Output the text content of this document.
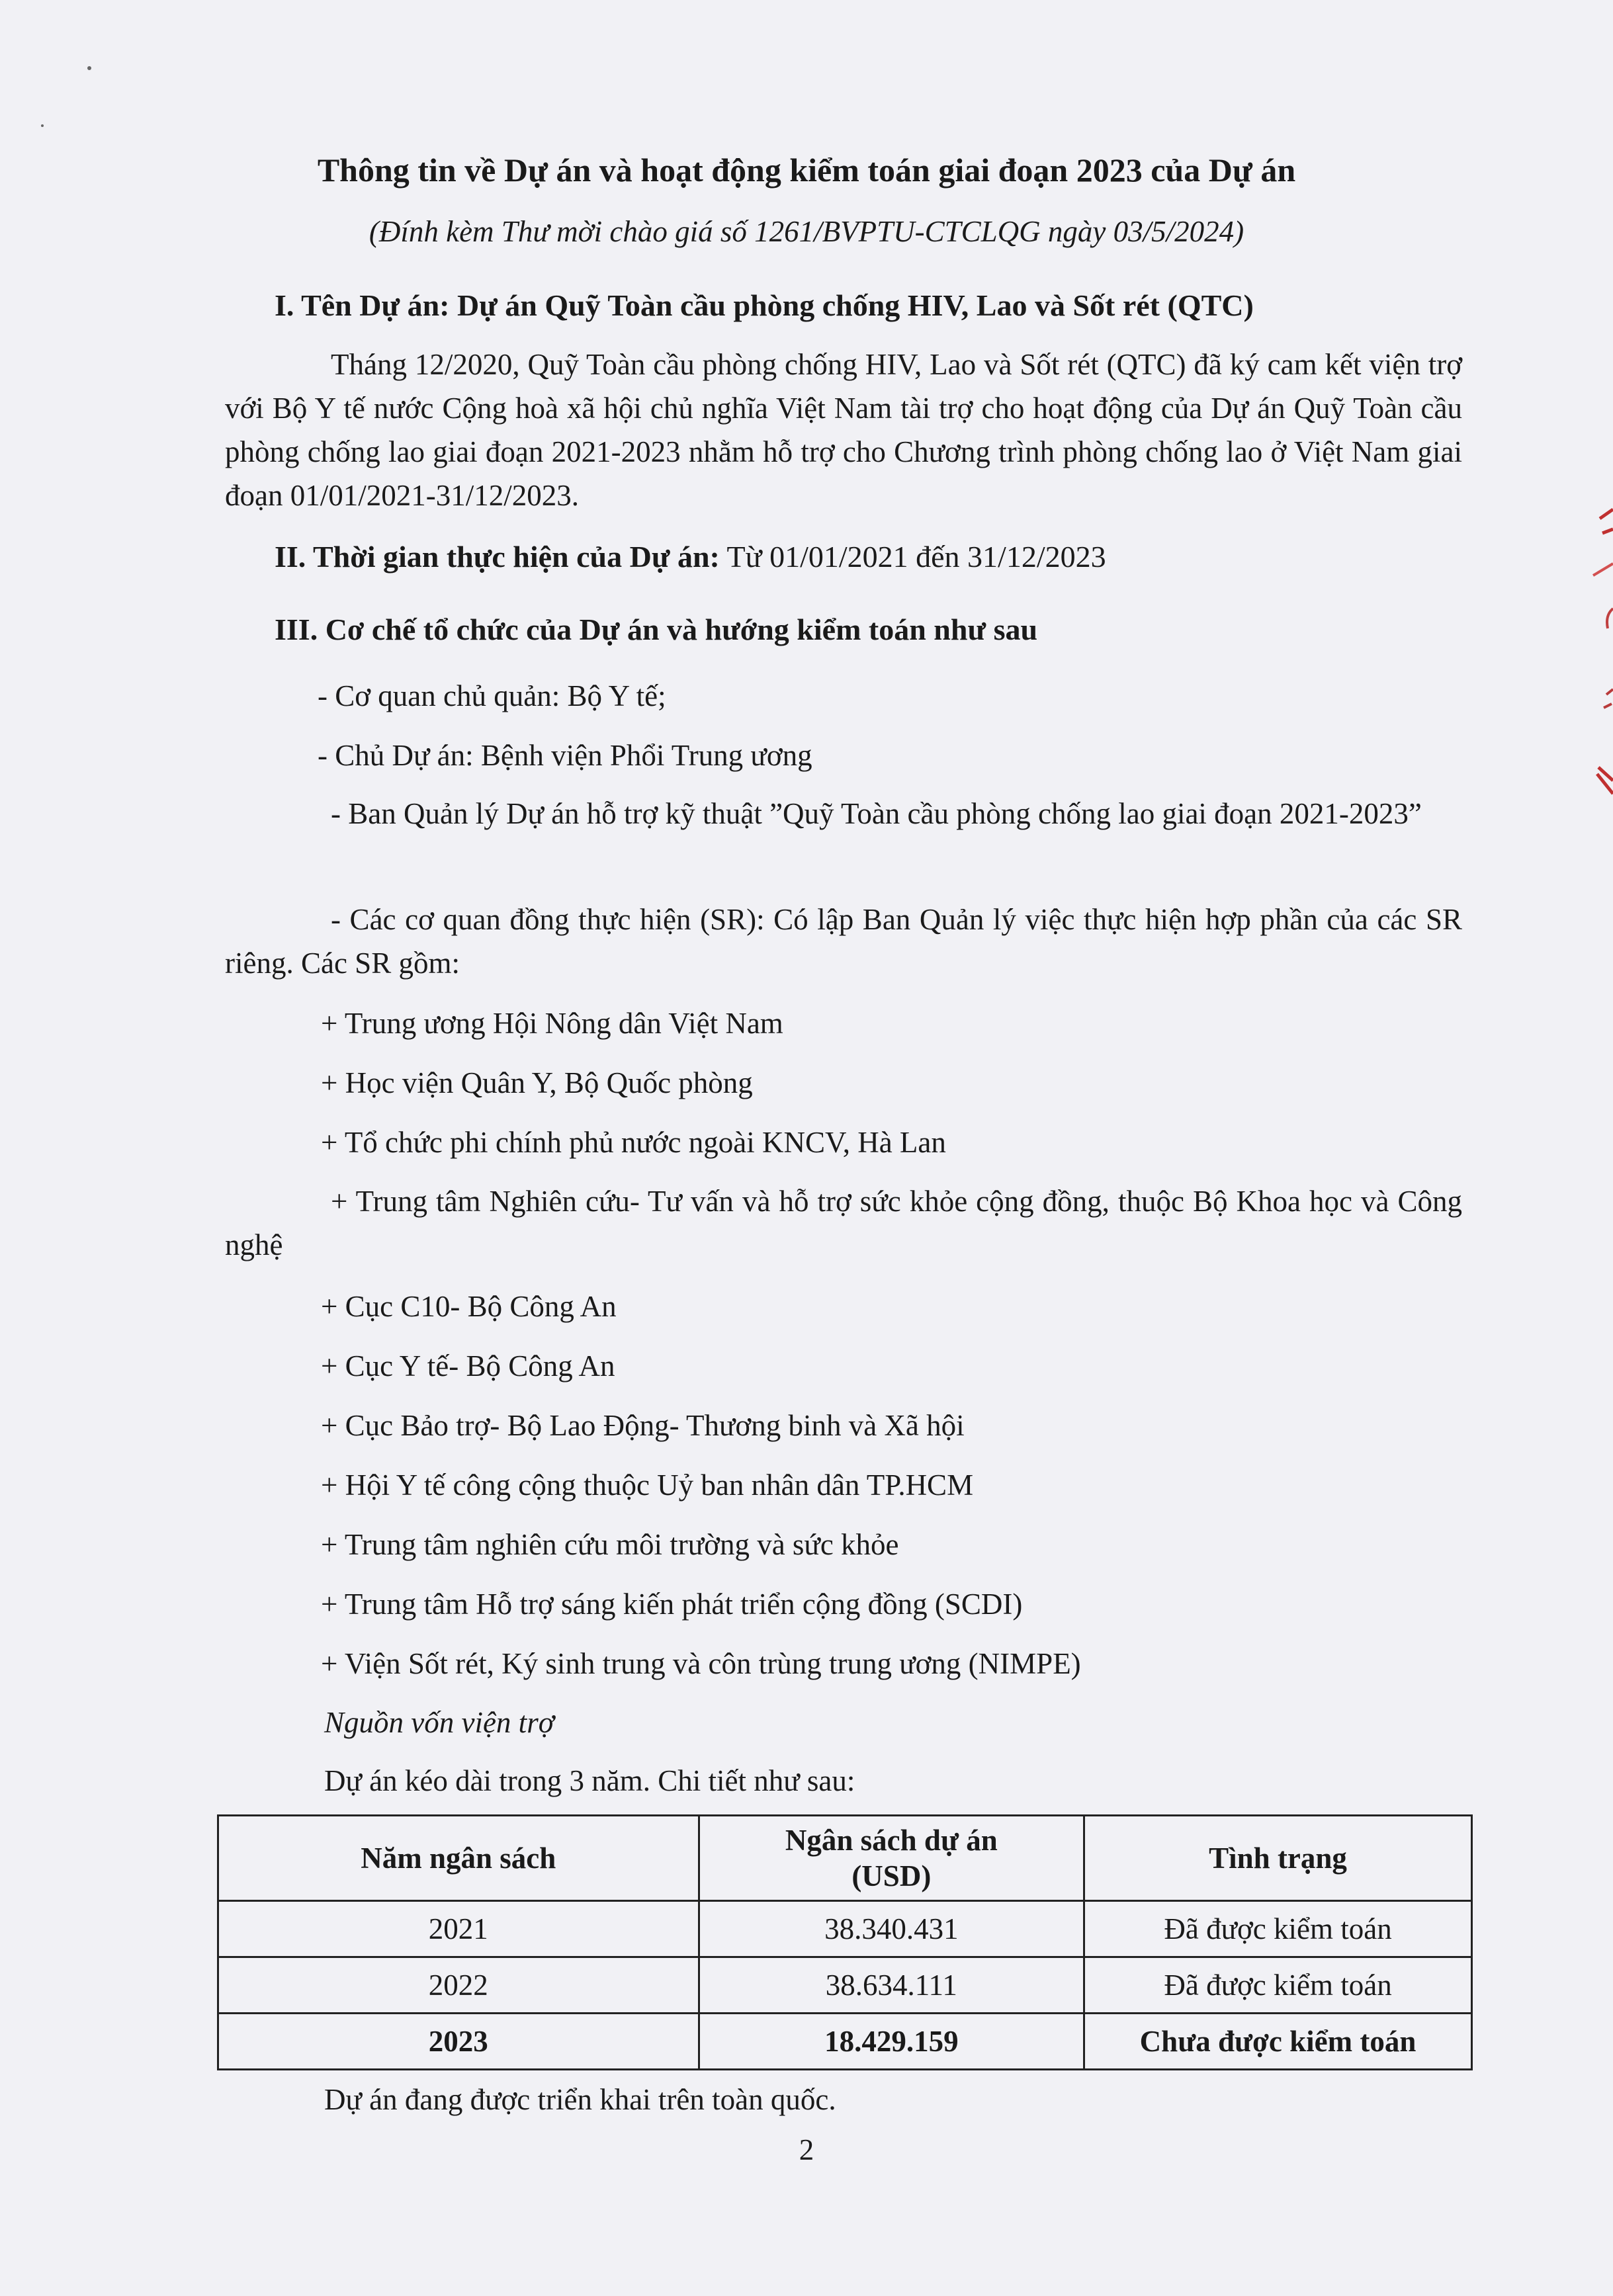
Thông tin về Dự án và hoạt động kiểm toán giai đoạn 2023 của Dự án
(Đính kèm Thư mời chào giá số 1261/BVPTU-CTCLQG ngày 03/5/2024)
I. Tên Dự án: Dự án Quỹ Toàn cầu phòng chống HIV, Lao và Sốt rét (QTC)
Tháng 12/2020, Quỹ Toàn cầu phòng chống HIV, Lao và Sốt rét (QTC) đã ký cam kết viện trợ với Bộ Y tế nước Cộng hoà xã hội chủ nghĩa Việt Nam tài trợ cho hoạt động của Dự án Quỹ Toàn cầu phòng chống lao giai đoạn 2021-2023 nhằm hỗ trợ cho Chương trình phòng chống lao ở Việt Nam giai đoạn 01/01/2021-31/12/2023.
II. Thời gian thực hiện của Dự án: Từ 01/01/2021 đến 31/12/2023
III. Cơ chế tổ chức của Dự án và hướng kiểm toán như sau
- Cơ quan chủ quản: Bộ Y tế;
- Chủ Dự án: Bệnh viện Phổi Trung ương
- Ban Quản lý Dự án hỗ trợ kỹ thuật ”Quỹ Toàn cầu phòng chống lao giai đoạn 2021-2023”
- Các cơ quan đồng thực hiện (SR): Có lập Ban Quản lý việc thực hiện hợp phần của các SR riêng. Các SR gồm:
+ Trung ương Hội Nông dân Việt Nam
+ Học viện Quân Y, Bộ Quốc phòng
+ Tổ chức phi chính phủ nước ngoài KNCV, Hà Lan
+ Trung tâm Nghiên cứu- Tư vấn và hỗ trợ sức khỏe cộng đồng, thuộc Bộ Khoa học và Công nghệ
+ Cục C10- Bộ Công An
+ Cục Y tế- Bộ Công An
+ Cục Bảo trợ- Bộ Lao Động- Thương binh và Xã hội
+ Hội Y tế công cộng thuộc Uỷ ban nhân dân TP.HCM
+ Trung tâm nghiên cứu môi trường và sức khỏe
+ Trung tâm Hỗ trợ sáng kiến phát triển cộng đồng (SCDI)
+ Viện Sốt rét, Ký sinh trung và côn trùng trung ương (NIMPE)
Nguồn vốn viện trợ
Dự án kéo dài trong 3 năm. Chi tiết như sau:
Năm ngân sách	Ngân sách dự án (USD)	Tình trạng
2021	38.340.431	Đã được kiểm toán
2022	38.634.111	Đã được kiểm toán
2023	18.429.159	Chưa được kiểm toán
Dự án đang được triển khai trên toàn quốc.
2
